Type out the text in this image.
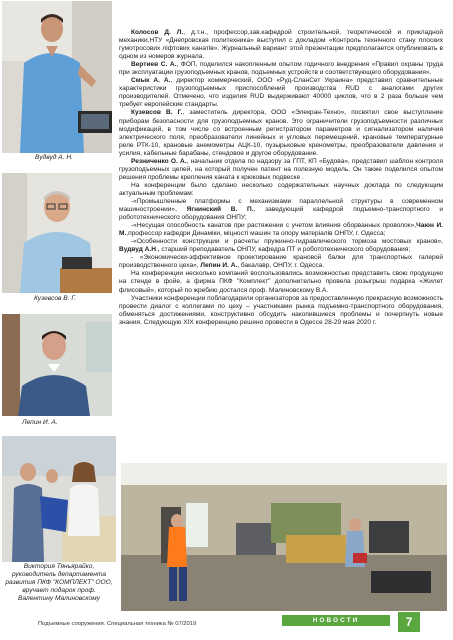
Вудвуд А. Н.
Кузевсов В. Г.
Лепин И. А.
Виктория Тяньярайко, руководитель департамента развития ПКФ "КОМПЛЕКТ" ООО, вручает подарок проф. Валентину Малиновскому

Колосов Д. Л., д.т.н., профессор,зав.кафедрой строительной, теоретической и прикладной механики,НТУ «Днепровская политехника» выступил с докладом «Контроль технічного стану плоских гумотросових ліфтових канатів». Журнальный вариант этой презентации предполагается опубликовать в одном из номеров журнала.

Вертиев С. А., ФОП, поделился накопленным опытом годичного внедрения «Правил охраны труда при эксплуатации грузоподъемных кранов, подъемных устройств и соответствующего оборудования».

Смык А. А., директор коммерческий, ООО «Руд-СланСет Украина» представил сравнительные характеристики грузоподъемных приспособлений производства RUD с аналогами других производителей. Отмечено, что изделия RUD выдерживают 40000 циклов, что в 2 раза больше чем требует европейские стандарты.

Кузевсов В. Г., заместитель директора, ООО «Элекран-Техно», посвятил свое выступление приборам безопасности для грузоподъемных кранов. Это ограничители грузоподъемности различных модификаций, в том числе со встроенным регистратором параметров и сигнализатором наличия электрического поля, преобразователи линейных и угловых перемещений, крановые температурные реле РТК-10, крановые анемометры АЦК-10, пузырьковые кренометры, преобразователи давления и усилия, кабельные барабаны, стендовое и другое оборудование.

Резниченко О. А., начальник отдела по надзору за ГПТ, КП «Будова», представил шаблон контроля грузоподъемных цепей, на который получен патент на полезную модель. Он также поделился опытом решения проблемы крепления каната к крюковых подвеске .

На конференции было сделано несколько содержательных научных доклада по следующим актуальным проблемам:

-«Промышленные платформы с механизмами параллельной структуры в современном машиностроении», Ягнинский В. П., заведующий кафедрой подъемно-транспортного и робототехнического оборудования ОНПУ;

-«Несущая способность канатов при растяжении с учетом влияния оборванных проволок»,Чаюн И. М.,профессор кафедри Динаміки, міцності машин та опору матеріалів ОНПУ, г. Одесса;

-«Особенности конструкции и расчеты пружинно-гидравлического тормоза мостовых кранов», Вудвуд А.Н., старший преподаватель ОНПУ, кафедра ПТ и робототехнического оборудования;

- «Экономически-эффективное проектирование крановой балки для транспортных галерей производственного цеха», Лепин И. А., бакалавр, ОНПУ, г. Одесса.

На конференции несколько компаний воспользовались возможностью представить свою продукцию на стенде в фойе, а фирма ПКФ "Комплект" дополнительно провела розыгрыш подарка «Жилет флисовый», который по жребию достался проф. Малиновскому В.А.

Участники конференции поблагодарили организаторов за предоставленную прекрасную возможность провести диалог с коллегами по цеху – участниками рынка подъемно-транспортного оборудования, обменяться достижениями, конструктивно обсудить накопившиеся проблемы и почерпнуть новые знания. Следующую XIX конференцию решено провести в Одессе 28-29 мая 2020 г.

Подъемные сооружения. Специальная техника № 07/2019	НОВОСТИ	7
